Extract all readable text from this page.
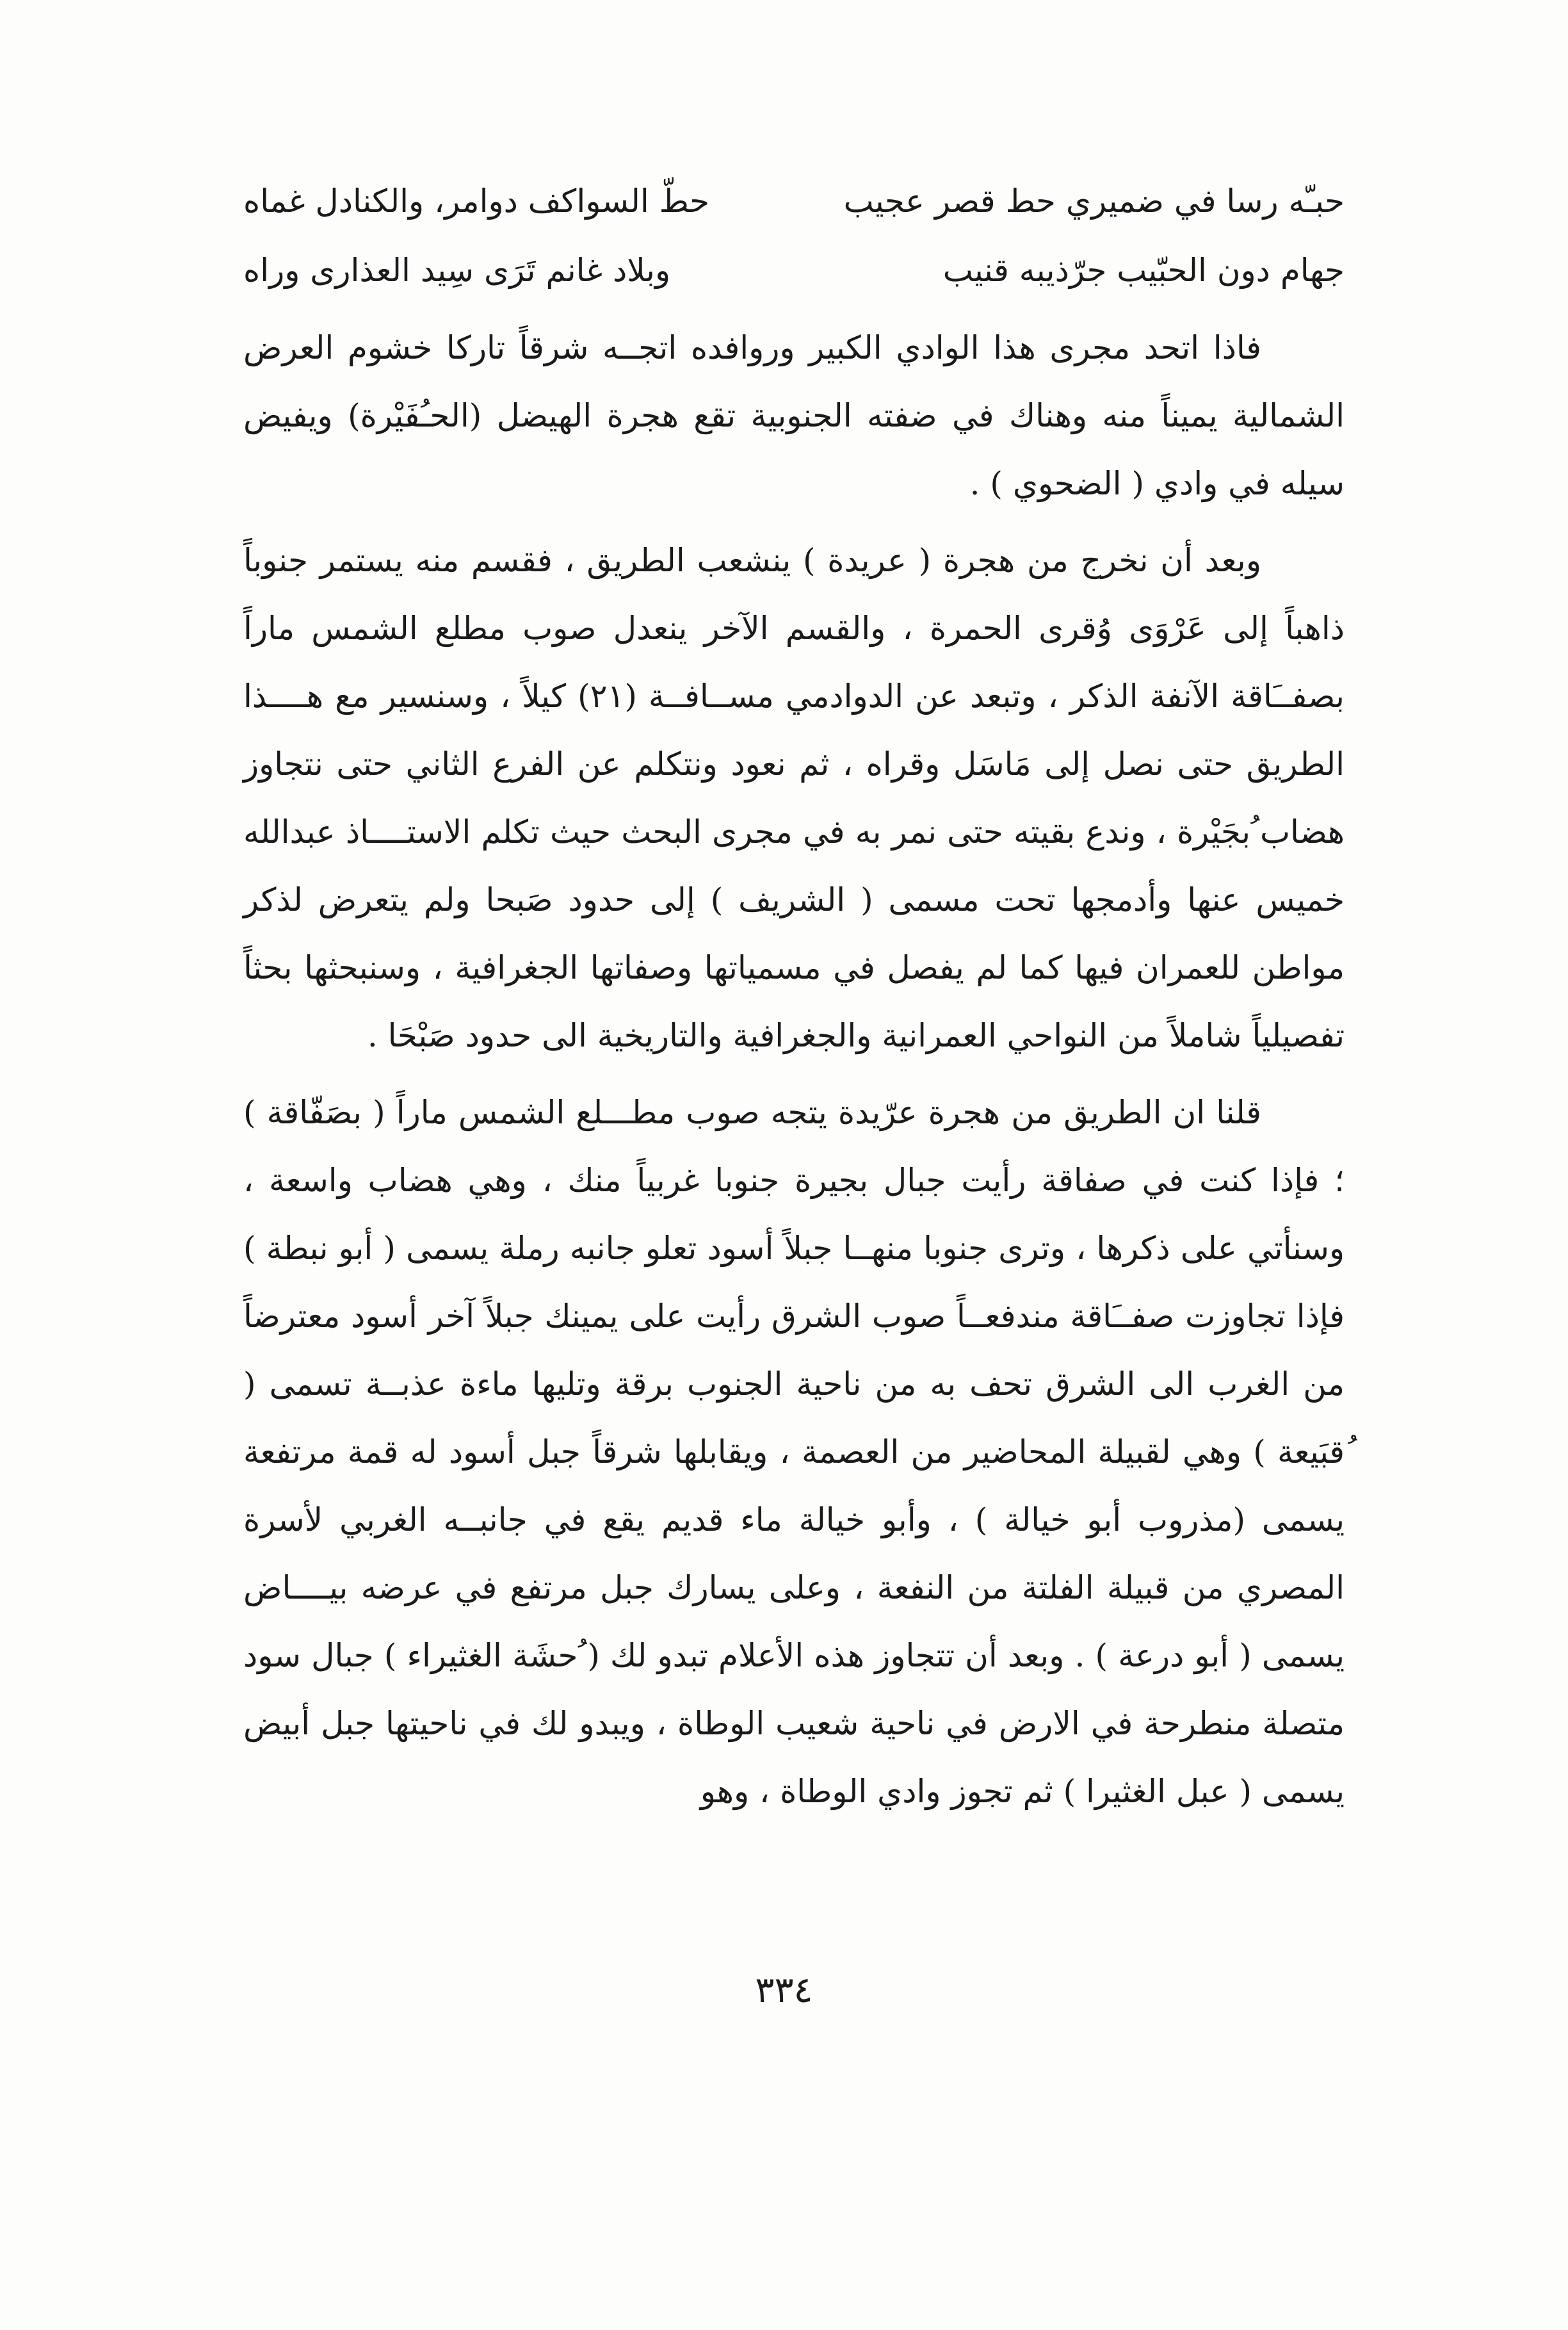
حبـّه رسا في ضميري حط قصر عجيب
حطّ السواكف دوامر، والكنادل غماه
جهام دون الحبّيب جرّذيبه قنيب
وبلاد غانم تَرَى سِيد العذارى وراه

فاذا اتحد مجرى هذا الوادي الكبير وروافده اتجــه شرقاً تاركا خشوم العرض الشمالية يميناً منه وهناك في ضفته الجنوبية تقع هجرة الهيضل (الحـُفَيْرة) ويفيض سيله في وادي ( الضحوي ) .

وبعد أن نخرج من هجرة ( عريدة ) ينشعب الطريق ، فقسم منه يستمر جنوباً ذاهباً إلى عَرْوَى وُقرى الحمرة ، والقسم الآخر ينعدل صوب مطلع الشمس ماراً بصفــَاقة الآنفة الذكر ، وتبعد عن الدوادمي مســافــة (٢١) كيلاً ، وسنسير مع هــــذا الطريق حتى نصل إلى مَاسَل وقراه ، ثم نعود ونتكلم عن الفرع الثاني حتى نتجاوز هضاب ُبجَيْرة ، وندع بقيته حتى نمر به في مجرى البحث حيث تكلم الاستــــاذ عبدالله خميس عنها وأدمجها تحت مسمى ( الشريف ) إلى حدود صَبحا ولم يتعرض لذكر مواطن للعمران فيها كما لم يفصل في مسمياتها وصفاتها الجغرافية ، وسنبحثها بحثاً تفصيلياً شاملاً من النواحي العمرانية والجغرافية والتاريخية الى حدود صَبْحَا .

قلنا ان الطريق من هجرة عرّيدة يتجه صوب مطـــلع الشمس ماراً ( بصَفّاقة ) ؛ فإذا كنت في صفاقة رأيت جبال بجيرة جنوبا غربياً منك ، وهي هضاب واسعة ، وسنأتي على ذكرها ، وترى جنوبا منهــا جبلاً أسود تعلو جانبه رملة يسمى ( أبو نبطة ) فإذا تجاوزت صفــَاقة مندفعــاً صوب الشرق رأيت على يمينك جبلاً آخر أسود معترضاً من الغرب الى الشرق تحف به من ناحية الجنوب برقة وتليها ماءة عذبــة تسمى ( ُقبَيعة ) وهي لقبيلة المحاضير من العصمة ، ويقابلها شرقاً جبل أسود له قمة مرتفعة يسمى (مذروب أبو خيالة ) ، وأبو خيالة ماء قديم يقع في جانبــه الغربي لأسرة المصري من قبيلة الفلتة من النفعة ، وعلى يسارك جبل مرتفع في عرضه بيــــاض يسمى ( أبو درعة ) . وبعد أن تتجاوز هذه الأعلام تبدو لك ( ُحشَة الغثيراء ) جبال سود متصلة منطرحة في الارض في ناحية شعيب الوطاة ، ويبدو لك في ناحيتها جبل أبيض يسمى ( عبل الغثيرا ) ثم تجوز وادي الوطاة ، وهو

٣٣٤
